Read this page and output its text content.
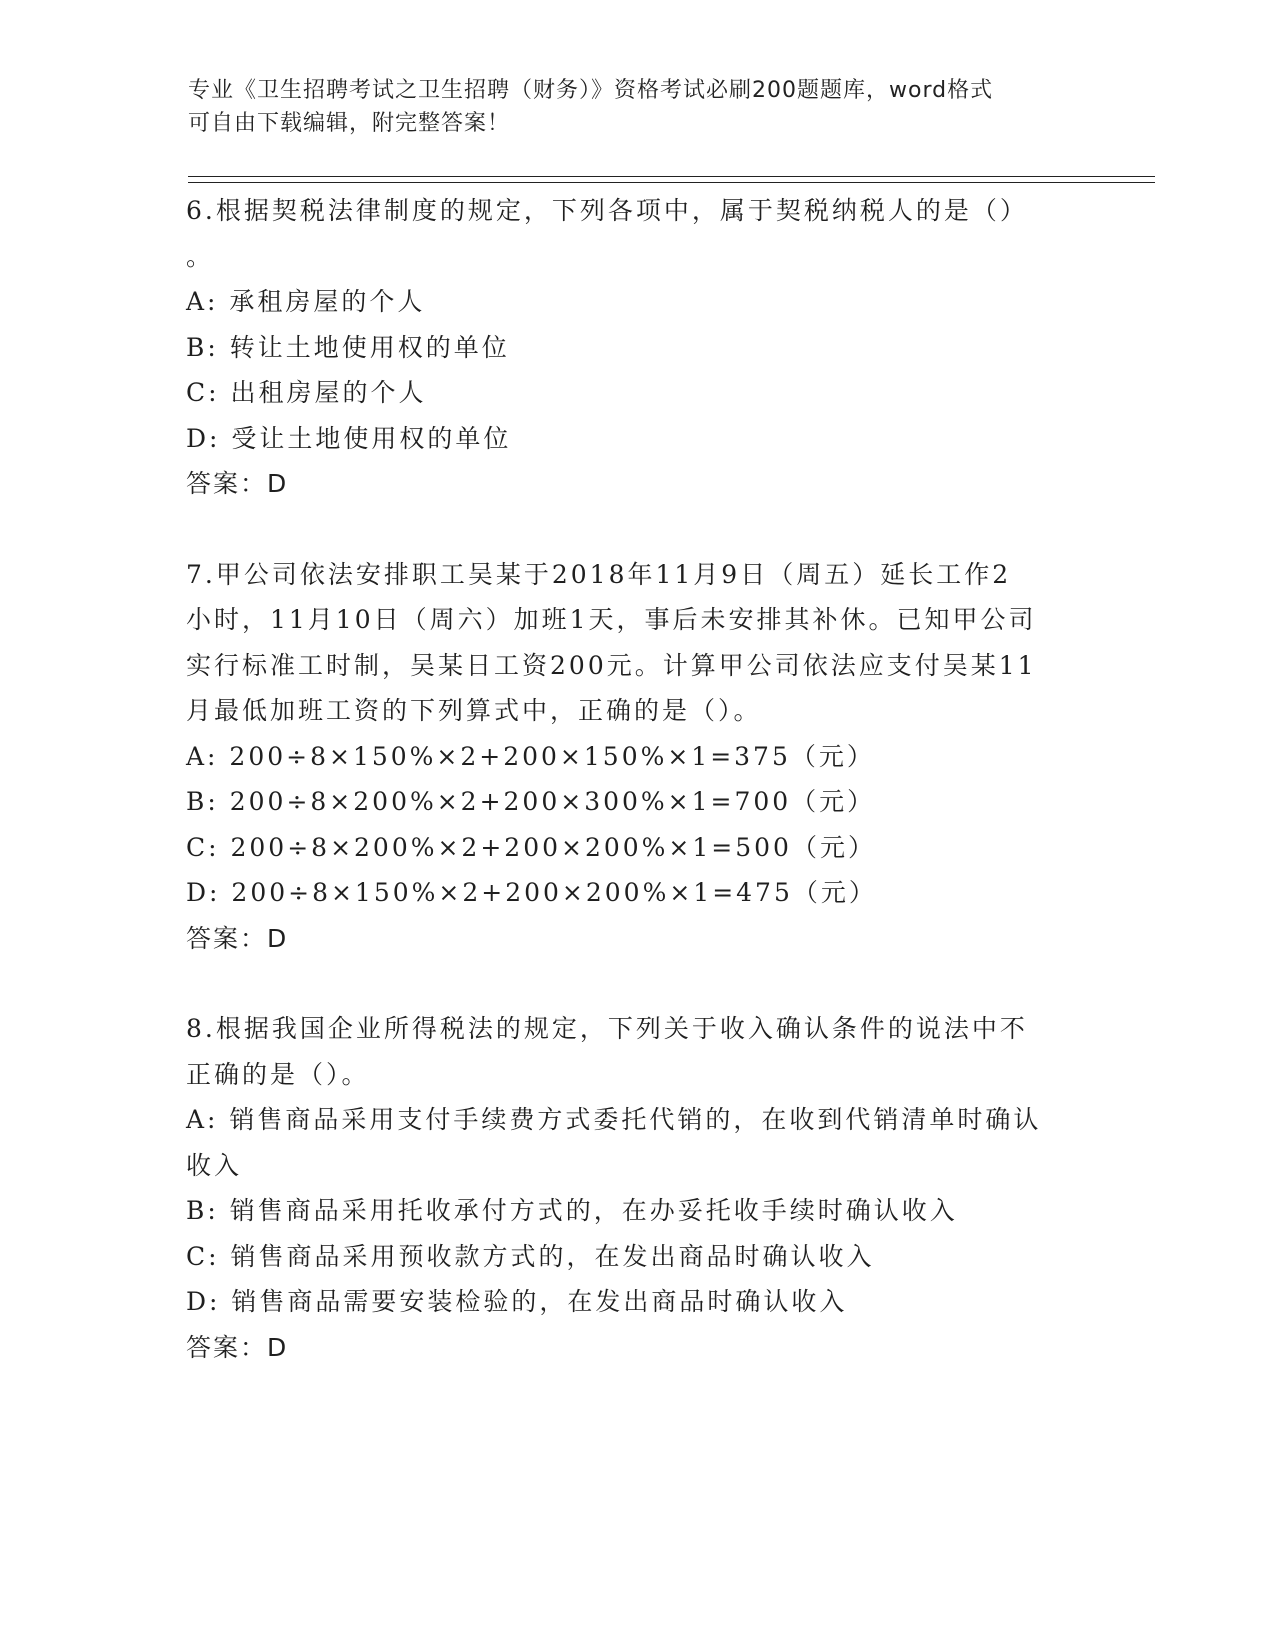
专业《卫生招聘考试之卫生招聘（财务）》资格考试必刷200题题库，word格式
可自由下载编辑，附完整答案！
6.根据契税法律制度的规定，下列各项中，属于契税纳税人的是（）
。
A: 承租房屋的个人
B: 转让土地使用权的单位
C: 出租房屋的个人
D: 受让土地使用权的单位
答案：D
7.甲公司依法安排职工吴某于2018年11月9日（周五）延长工作2
小时，11月10日（周六）加班1天，事后未安排其补休。已知甲公司
实行标准工时制，吴某日工资200元。计算甲公司依法应支付吴某11
月最低加班工资的下列算式中，正确的是（）。
A: 200÷8×150%×2+200×150%×1=375（元）
B: 200÷8×200%×2+200×300%×1=700（元）
C: 200÷8×200%×2+200×200%×1=500（元）
D: 200÷8×150%×2+200×200%×1=475（元）
答案：D
8.根据我国企业所得税法的规定，下列关于收入确认条件的说法中不
正确的是（）。
A: 销售商品采用支付手续费方式委托代销的，在收到代销清单时确认
收入
B: 销售商品采用托收承付方式的，在办妥托收手续时确认收入
C: 销售商品采用预收款方式的，在发出商品时确认收入
D: 销售商品需要安装检验的，在发出商品时确认收入
答案：D
